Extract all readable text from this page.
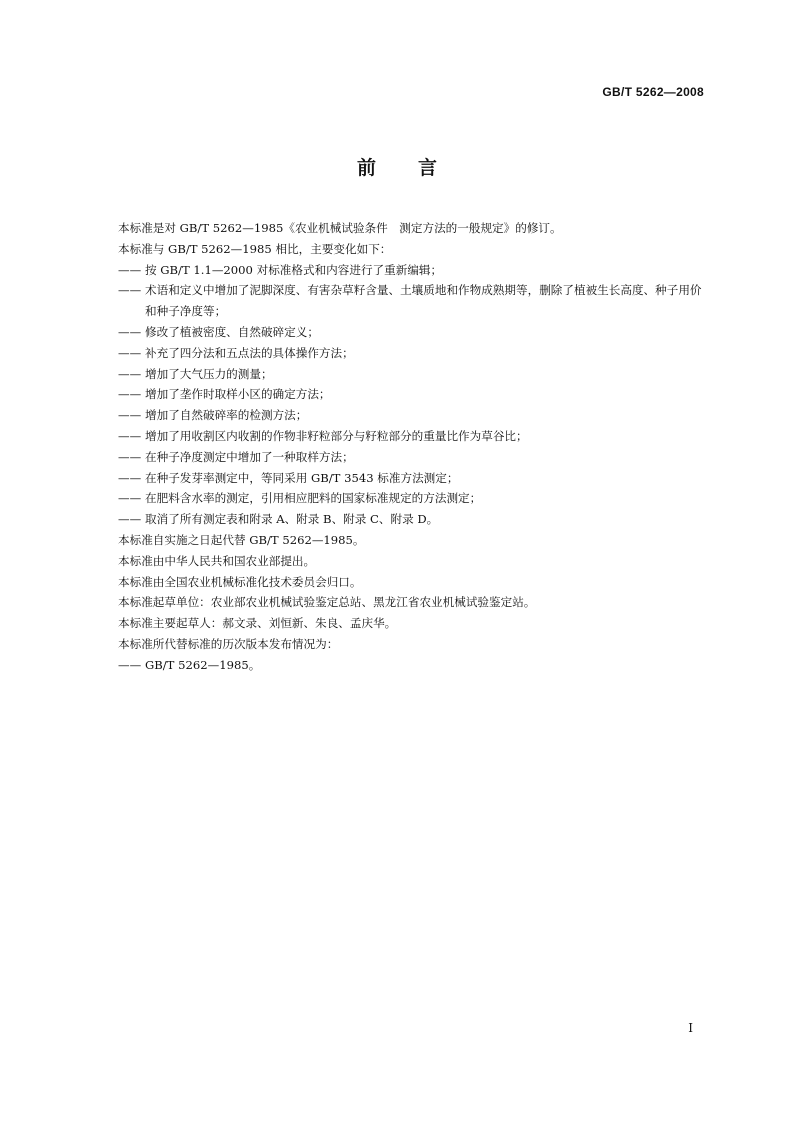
GB/T 5262—2008
前言
本标准是对 GB/T 5262—1985《农业机械试验条件　测定方法的一般规定》的修订。
本标准与 GB/T 5262—1985 相比，主要变化如下：
—— 按 GB/T 1.1—2000 对标准格式和内容进行了重新编辑；
—— 术语和定义中增加了泥脚深度、有害杂草籽含量、土壤质地和作物成熟期等，删除了植被生长高度、种子用价和种子净度等；
—— 修改了植被密度、自然破碎定义；
—— 补充了四分法和五点法的具体操作方法；
—— 增加了大气压力的测量；
—— 增加了垄作时取样小区的确定方法；
—— 增加了自然破碎率的检测方法；
—— 增加了用收割区内收割的作物非籽粒部分与籽粒部分的重量比作为草谷比；
—— 在种子净度测定中增加了一种取样方法；
—— 在种子发芽率测定中，等同采用 GB/T 3543 标准方法测定；
—— 在肥料含水率的测定，引用相应肥料的国家标准规定的方法测定；
—— 取消了所有测定表和附录 A、附录 B、附录 C、附录 D。
本标准自实施之日起代替 GB/T 5262—1985。
本标准由中华人民共和国农业部提出。
本标准由全国农业机械标准化技术委员会归口。
本标准起草单位：农业部农业机械试验鉴定总站、黑龙江省农业机械试验鉴定站。
本标准主要起草人：郝文录、刘恒新、朱良、孟庆华。
本标准所代替标准的历次版本发布情况为：
—— GB/T 5262—1985。
I
